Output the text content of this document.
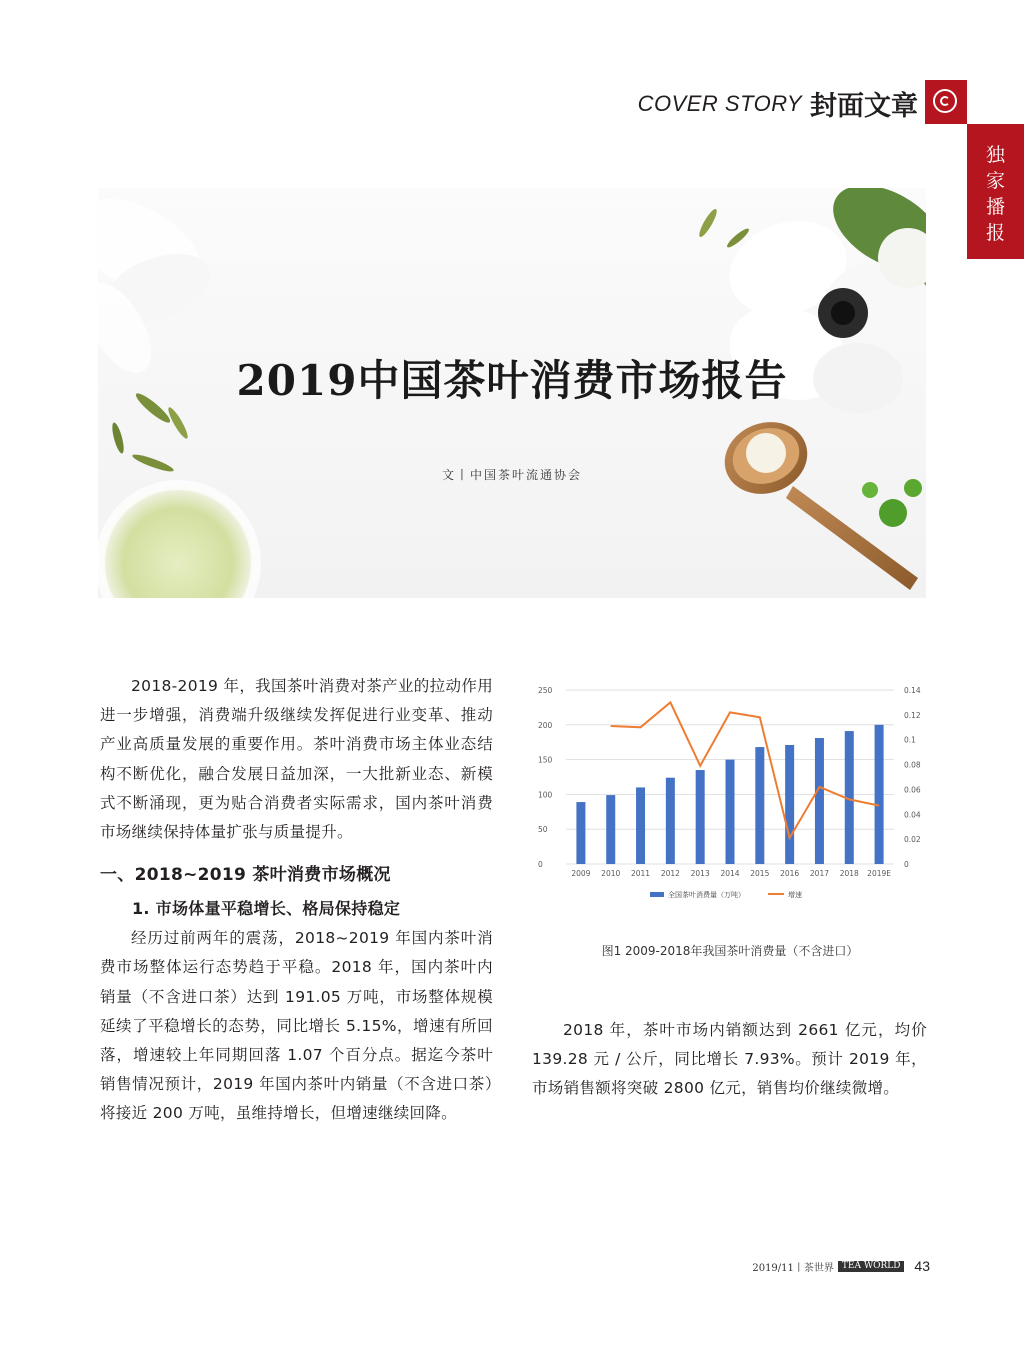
COVER STORY 封面文章
独
家
播
报
2019中国茶叶消费市场报告
文丨中国茶叶流通协会

2018-2019 年，我国茶叶消费对茶产业的拉动作用进一步增强，消费端升级继续发挥促进行业变革、推动产业高质量发展的重要作用。茶叶消费市场主体业态结构不断优化，融合发展日益加深，一大批新业态、新模式不断涌现，更为贴合消费者实际需求，国内茶叶消费市场继续保持体量扩张与质量提升。

一、2018~2019 茶叶消费市场概况
1. 市场体量平稳增长、格局保持稳定

经历过前两年的震荡，2018~2019 年国内茶叶消费市场整体运行态势趋于平稳。2018 年，国内茶叶内销量（不含进口茶）达到 191.05 万吨，市场整体规模延续了平稳增长的态势，同比增长 5.15%，增速有所回落，增速较上年同期回落 1.07 个百分点。据迄今茶叶销售情况预计，2019 年国内茶叶内销量（不含进口茶）将接近 200 万吨，虽维持增长，但增速继续回降。

0
50
100
150
200
250
0
0.02
0.04
0.06
0.08
0.1
0.12
0.14
2009 2010 2011 2012 2013 2014 2015 2016 2017 2018 2019E
全国茶叶消费量（万吨）	增速
图1 2009-2018年我国茶叶消费量（不含进口）

2018 年，茶叶市场内销额达到 2661 亿元，均价 139.28 元 / 公斤，同比增长 7.93%。预计 2019 年，市场销售额将突破 2800 亿元，销售均价继续微增。

2019/11丨茶世界 TEA WORLD 43
